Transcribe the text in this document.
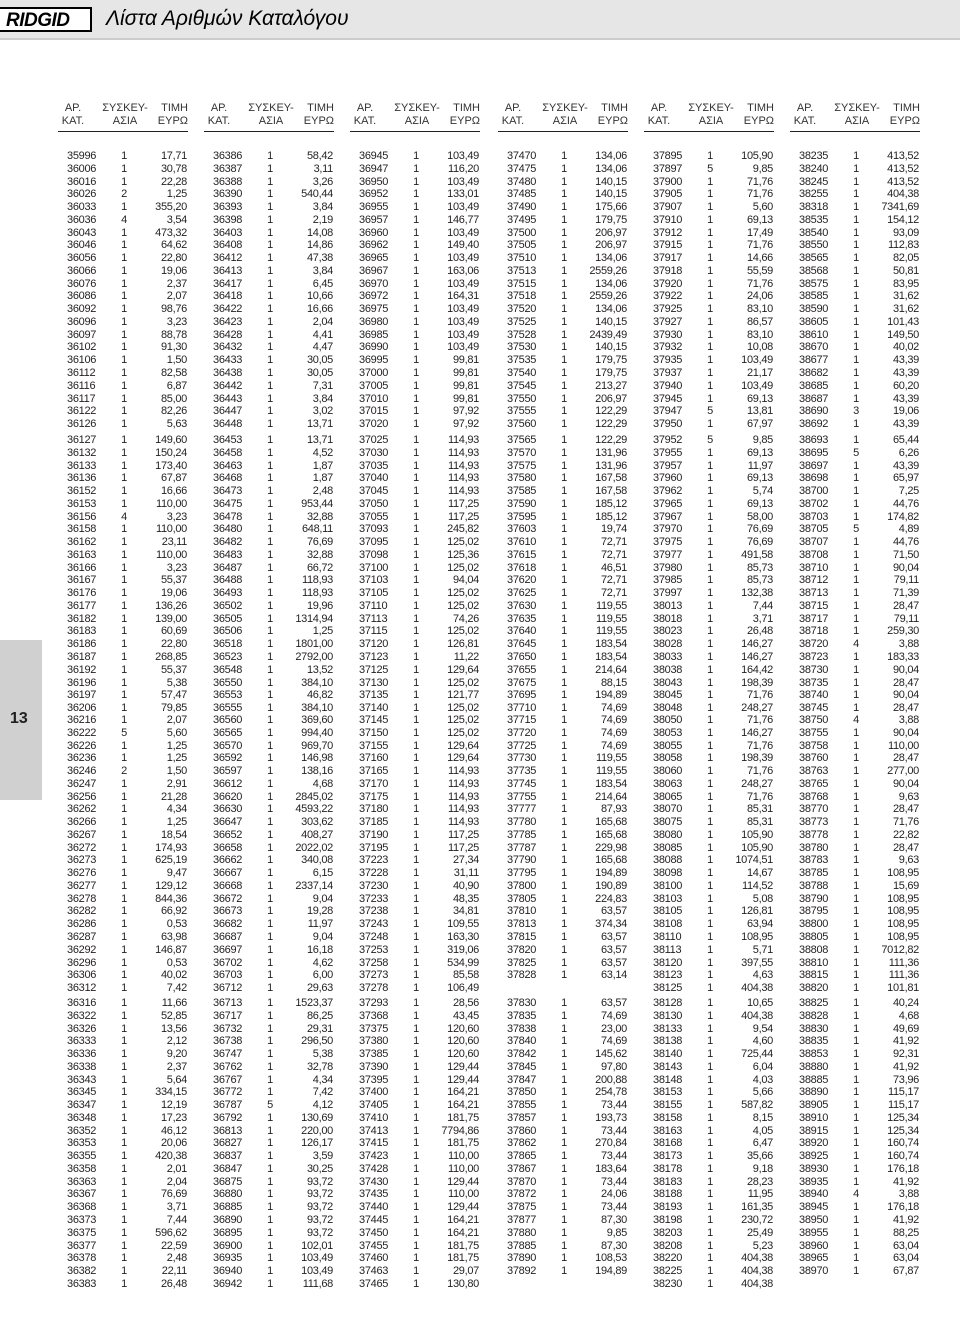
RIDGID Λίστα Αριθμών Καταλόγου
ΑΡ.
ΚΑΤ.
ΣΥΣΚΕΥ-
ΑΣΙΑ
ΤΙΜΗ
ΕΥΡΩ
ΑΡ.
ΚΑΤ.
ΣΥΣΚΕΥ-
ΑΣΙΑ
ΤΙΜΗ
ΕΥΡΩ
ΑΡ.
ΚΑΤ.
ΣΥΣΚΕΥ-
ΑΣΙΑ
ΤΙΜΗ
ΕΥΡΩ
ΑΡ.
ΚΑΤ.
ΣΥΣΚΕΥ-
ΑΣΙΑ
ΤΙΜΗ
ΕΥΡΩ
ΑΡ.
ΚΑΤ.
ΣΥΣΚΕΥ-
ΑΣΙΑ
ΤΙΜΗ
ΕΥΡΩ
ΑΡ.
ΚΑΤ.
ΣΥΣΚΕΥ-
ΑΣΙΑ
ΤΙΜΗ
ΕΥΡΩ
35996	1	17,71
36006	1	30,78
36016	1	22,28
36026	2	1,25
36033	1	355,20
36036	4	3,54
36043	1	473,32
36046	1	64,62
36056	1	22,80
36066	1	19,06
36076	1	2,37
36086	1	2,07
36092	1	98,76
36096	1	3,23
36097	1	88,78
36102	1	91,30
36106	1	1,50
36112	1	82,58
36116	1	6,87
36117	1	85,00
36122	1	82,26
36126	1	5,63
36127	1	149,60
36132	1	150,24
36133	1	173,40
36136	1	67,87
36152	1	16,66
36153	1	110,00
36156	4	3,23
36158	1	110,00
36162	1	23,11
36163	1	110,00
36166	1	3,23
36167	1	55,37
36176	1	19,06
36177	1	136,26
36182	1	139,00
36183	1	60,69
36186	1	22,80
36187	1	268,85
36192	1	55,37
36196	1	5,38
36197	1	57,47
36206	1	79,85
36216	1	2,07
36222	5	5,60
36226	1	1,25
36236	1	1,25
36246	2	1,50
36247	1	2,91
36256	1	21,28
36262	1	4,34
36266	1	1,25
36267	1	18,54
36272	1	174,93
36273	1	625,19
36276	1	9,47
36277	1	129,12
36278	1	844,36
36282	1	66,92
36286	1	0,53
36287	1	63,98
36292	1	146,87
36296	1	0,53
36306	1	40,02
36312	1	7,42
36316	1	11,66
36322	1	52,85
36326	1	13,56
36333	1	2,12
36336	1	9,20
36338	1	2,37
36343	1	5,64
36345	1	334,15
36347	1	12,19
36348	1	17,23
36352	1	46,12
36353	1	20,06
36355	1	420,38
36358	1	2,01
36363	1	2,04
36367	1	76,69
36368	1	3,71
36373	1	7,44
36375	1	596,62
36377	1	22,59
36378	1	2,48
36382	1	22,11
36383	1	26,48
36386	1	58,42
36387	1	3,11
36388	1	3,26
36390	1	540,44
36393	1	3,84
36398	1	2,19
36403	1	14,08
36408	1	14,86
36412	1	47,38
36413	1	3,84
36417	1	6,45
36418	1	10,66
36422	1	16,66
36423	1	2,04
36428	1	4,41
36432	1	4,47
36433	1	30,05
36438	1	30,05
36442	1	7,31
36443	1	3,84
36447	1	3,02
36448	1	13,71
36453	1	13,71
36458	1	4,52
36463	1	1,87
36468	1	1,87
36473	1	2,48
36475	1	953,44
36478	1	32,88
36480	1	648,11
36482	1	76,69
36483	1	32,88
36487	1	66,72
36488	1	118,93
36493	1	118,93
36502	1	19,96
36505	1	1314,94
36506	1	1,25
36518	1	1801,00
36523	1	2792,00
36548	1	13,52
36550	1	384,10
36553	1	46,82
36555	1	384,10
36560	1	369,60
36565	1	994,40
36570	1	969,70
36592	1	146,98
36597	1	138,16
36612	1	4,68
36620	1	2845,02
36630	1	4593,22
36647	1	303,62
36652	1	408,27
36658	1	2022,02
36662	1	340,08
36667	1	6,15
36668	1	2337,14
36672	1	9,04
36673	1	19,28
36682	1	11,97
36687	1	9,04
36697	1	16,18
36702	1	4,62
36703	1	6,00
36712	1	29,63
36713	1	1523,37
36717	1	86,25
36732	1	29,31
36738	1	296,50
36747	1	5,38
36762	1	32,78
36767	1	4,34
36772	1	7,42
36787	5	4,12
36792	1	130,69
36813	1	220,00
36827	1	126,17
36837	1	3,59
36847	1	30,25
36875	1	93,72
36880	1	93,72
36885	1	93,72
36890	1	93,72
36895	1	93,72
36900	1	102,01
36935	1	103,49
36940	1	103,49
36942	1	111,68
36945	1	103,49
36947	1	116,20
36950	1	103,49
36952	1	133,01
36955	1	103,49
36957	1	146,77
36960	1	103,49
36962	1	149,40
36965	1	103,49
36967	1	163,06
36970	1	103,49
36972	1	164,31
36975	1	103,49
36980	1	103,49
36985	1	103,49
36990	1	103,49
36995	1	99,81
37000	1	99,81
37005	1	99,81
37010	1	99,81
37015	1	97,92
37020	1	97,92
37025	1	114,93
37030	1	114,93
37035	1	114,93
37040	1	114,93
37045	1	114,93
37050	1	117,25
37055	1	117,25
37093	1	245,82
37095	1	125,02
37098	1	125,36
37100	1	125,02
37103	1	94,04
37105	1	125,02
37110	1	125,02
37113	1	74,26
37115	1	125,02
37120	1	126,81
37123	1	11,22
37125	1	129,64
37130	1	125,02
37135	1	121,77
37140	1	125,02
37145	1	125,02
37150	1	125,02
37155	1	129,64
37160	1	129,64
37165	1	114,93
37170	1	114,93
37175	1	114,93
37180	1	114,93
37185	1	114,93
37190	1	117,25
37195	1	117,25
37223	1	27,34
37228	1	31,11
37230	1	40,90
37233	1	48,35
37238	1	34,81
37243	1	109,55
37248	1	163,30
37253	1	319,06
37258	1	534,99
37273	1	85,58
37278	1	106,49
37293	1	28,56
37368	1	43,45
37375	1	120,60
37380	1	120,60
37385	1	120,60
37390	1	129,44
37395	1	129,44
37400	1	164,21
37405	1	164,21
37410	1	181,75
37413	1	7794,86
37415	1	181,75
37423	1	110,00
37428	1	110,00
37430	1	129,44
37435	1	110,00
37440	1	129,44
37445	1	164,21
37450	1	164,21
37455	1	181,75
37460	1	181,75
37463	1	29,07
37465	1	130,80
37470	1	134,06
37475	1	134,06
37480	1	140,15
37485	1	140,15
37490	1	175,66
37495	1	179,75
37500	1	206,97
37505	1	206,97
37510	1	134,06
37513	1	2559,26
37515	1	134,06
37518	1	2559,26
37520	1	134,06
37525	1	140,15
37528	1	2439,49
37530	1	140,15
37535	1	179,75
37540	1	179,75
37545	1	213,27
37550	1	206,97
37555	1	122,29
37560	1	122,29
37565	1	122,29
37570	1	131,96
37575	1	131,96
37580	1	167,58
37585	1	167,58
37590	1	185,12
37595	1	185,12
37603	1	19,74
37610	1	72,71
37615	1	72,71
37618	1	46,51
37620	1	72,71
37625	1	72,71
37630	1	119,55
37635	1	119,55
37640	1	119,55
37645	1	183,54
37650	1	183,54
37655	1	214,64
37675	1	88,15
37695	1	194,89
37710	1	74,69
37715	1	74,69
37720	1	74,69
37725	1	74,69
37730	1	119,55
37735	1	119,55
37745	1	183,54
37755	1	214,64
37777	1	87,93
37780	1	165,68
37785	1	165,68
37787	1	229,98
37790	1	165,68
37795	1	194,89
37800	1	190,89
37805	1	224,83
37810	1	63,57
37813	1	374,34
37815	1	63,57
37820	1	63,57
37825	1	63,57
37828	1	63,14
37830	1	63,57
37835	1	74,69
37838	1	23,00
37840	1	74,69
37842	1	145,62
37845	1	97,80
37847	1	200,88
37850	1	254,78
37855	1	73,44
37857	1	193,73
37860	1	73,44
37862	1	270,84
37865	1	73,44
37867	1	183,64
37870	1	73,44
37872	1	24,06
37875	1	73,44
37877	1	87,30
37880	1	9,85
37885	1	87,30
37890	1	108,53
37892	1	194,89
37895	1	105,90
37897	5	9,85
37900	1	71,76
37905	1	71,76
37907	1	5,60
37910	1	69,13
37912	1	17,49
37915	1	71,76
37917	1	14,66
37918	1	55,59
37920	1	71,76
37922	1	24,06
37925	1	83,10
37927	1	86,57
37930	1	83,10
37932	1	10,08
37935	1	103,49
37937	1	21,17
37940	1	103,49
37945	1	69,13
37947	5	13,81
37950	1	67,97
37952	5	9,85
37955	1	69,13
37957	1	11,97
37960	1	69,13
37962	1	5,74
37965	1	69,13
37967	1	58,00
37970	1	76,69
37975	1	76,69
37977	1	491,58
37980	1	85,73
37985	1	85,73
37997	1	132,38
38013	1	7,44
38018	1	3,71
38023	1	26,48
38028	1	146,27
38033	1	146,27
38038	1	164,42
38043	1	198,39
38045	1	71,76
38048	1	248,27
38050	1	71,76
38053	1	146,27
38055	1	71,76
38058	1	198,39
38060	1	71,76
38063	1	248,27
38065	1	71,76
38070	1	85,31
38075	1	85,31
38080	1	105,90
38085	1	105,90
38088	1	1074,51
38098	1	14,67
38100	1	114,52
38103	1	5,08
38105	1	126,81
38108	1	63,94
38110	1	108,95
38113	1	5,71
38120	1	397,55
38123	1	4,63
38125	1	404,38
38128	1	10,65
38130	1	404,38
38133	1	9,54
38138	1	4,60
38140	1	725,44
38143	1	6,04
38148	1	4,03
38153	1	5,66
38155	1	587,82
38158	1	8,15
38163	1	4,05
38168	1	6,47
38173	1	35,66
38178	1	9,18
38183	1	28,23
38188	1	11,95
38193	1	161,35
38198	1	230,72
38203	1	25,49
38208	1	5,23
38220	1	404,38
38225	1	404,38
38230	1	404,38
38235	1	413,52
38240	1	413,52
38245	1	413,52
38255	1	404,38
38318	1	7341,69
38535	1	154,12
38540	1	93,09
38550	1	112,83
38565	1	82,05
38568	1	50,81
38575	1	83,95
38585	1	31,62
38590	1	31,62
38605	1	101,43
38610	1	149,50
38670	1	40,02
38677	1	43,39
38682	1	43,39
38685	1	60,20
38687	1	43,39
38690	3	19,06
38692	1	43,39
38693	1	65,44
38695	5	6,26
38697	1	43,39
38698	1	65,97
38700	1	7,25
38702	1	44,76
38703	1	174,82
38705	5	4,89
38707	1	44,76
38708	1	71,50
38710	1	90,04
38712	1	79,11
38713	1	71,39
38715	1	28,47
38717	1	79,11
38718	1	259,30
38720	4	3,88
38723	1	183,33
38730	1	90,04
38735	1	28,47
38740	1	90,04
38745	1	28,47
38750	4	3,88
38755	1	90,04
38758	1	110,00
38760	1	28,47
38763	1	277,00
38765	1	90,04
38768	1	9,63
38770	1	28,47
38773	1	71,76
38778	1	22,82
38780	1	28,47
38783	1	9,63
38785	1	108,95
38788	1	15,69
38790	1	108,95
38795	1	108,95
38800	1	108,95
38805	1	108,95
38808	1	7012,82
38810	1	111,36
38815	1	111,36
38820	1	101,81
38825	1	40,24
38828	1	4,68
38830	1	49,69
38835	1	41,92
38853	1	92,31
38880	1	41,92
38885	1	73,96
38890	1	115,17
38905	1	115,17
38910	1	125,34
38915	1	125,34
38920	1	160,74
38925	1	160,74
38930	1	176,18
38935	1	41,92
38940	4	3,88
38945	1	176,18
38950	1	41,92
38955	1	88,25
38960	1	63,04
38965	1	63,04
38970	1	67,87
13
